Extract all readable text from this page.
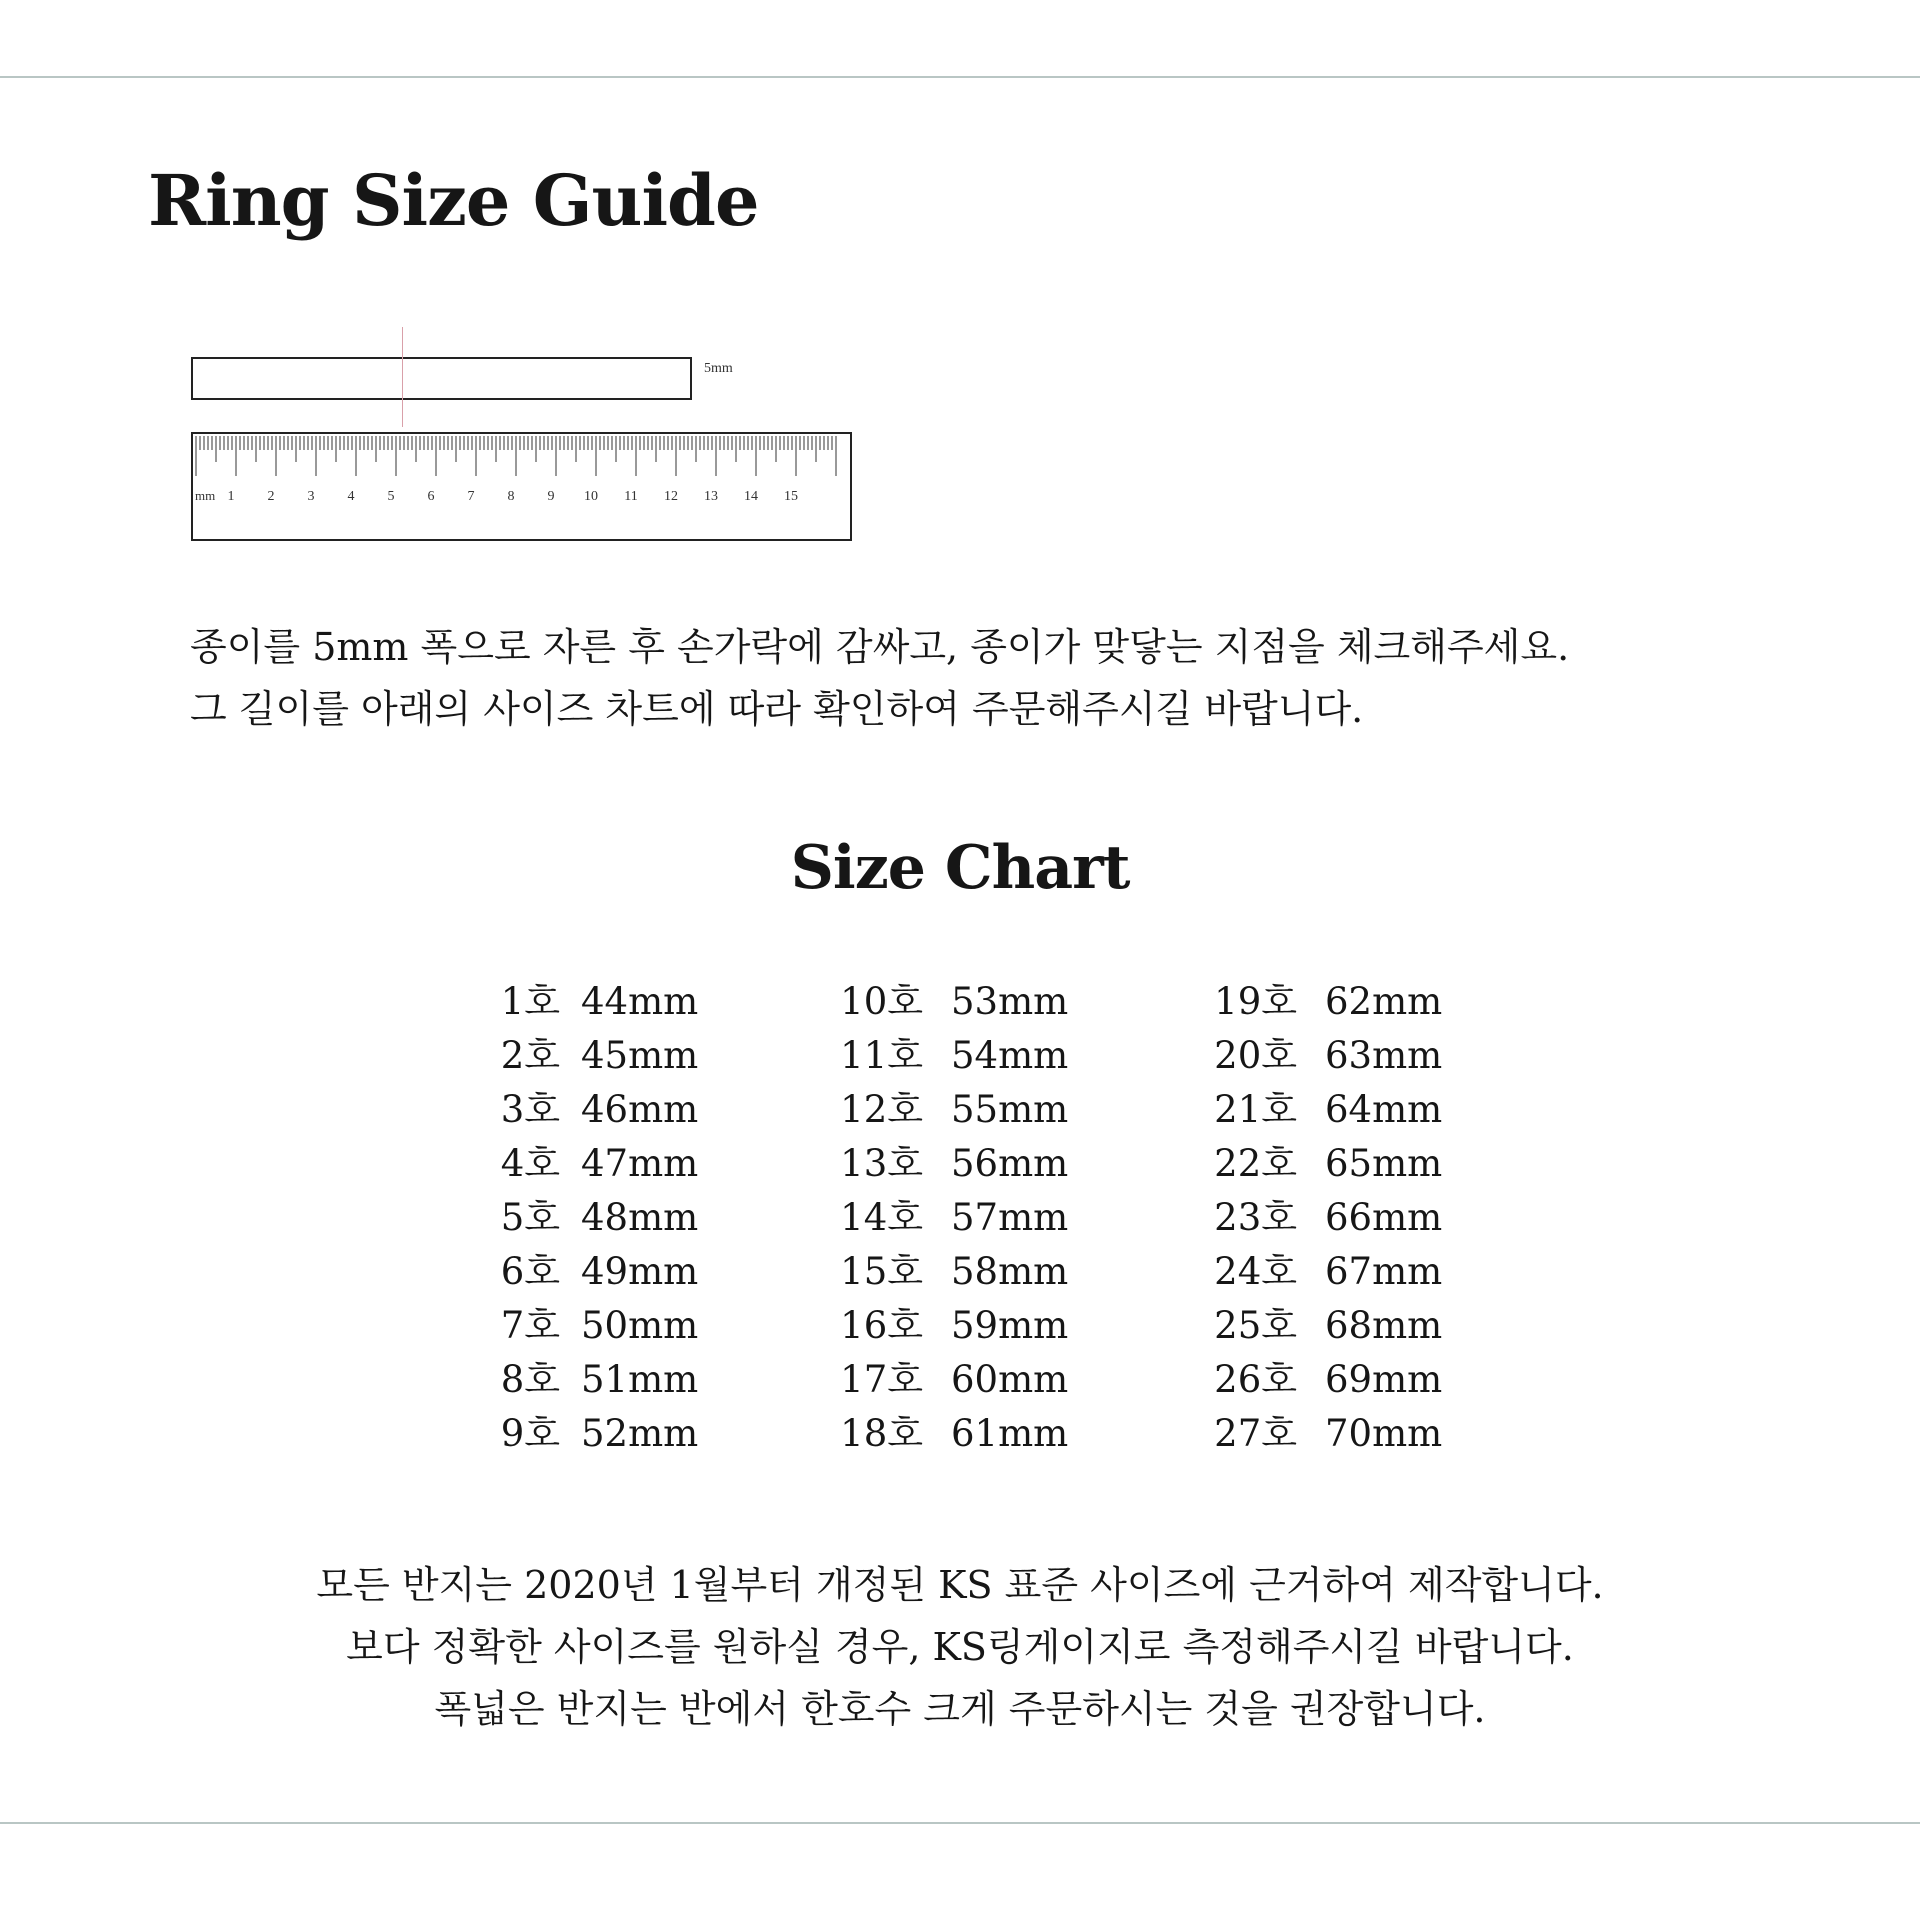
Ring Size Guide
5mm
mm 1 2 3 4 5 6 7 8 9 10 11 12 13 14 15

종이를 5mm 폭으로 자른 후 손가락에 감싸고, 종이가 맞닿는 지점을 체크해주세요.
그 길이를 아래의 사이즈 차트에 따라 확인하여 주문해주시길 바랍니다.

Size Chart
1호 44mm
2호 45mm
3호 46mm
4호 47mm
5호 48mm
6호 49mm
7호 50mm
8호 51mm
9호 52mm
10호 53mm
11호 54mm
12호 55mm
13호 56mm
14호 57mm
15호 58mm
16호 59mm
17호 60mm
18호 61mm
19호 62mm
20호 63mm
21호 64mm
22호 65mm
23호 66mm
24호 67mm
25호 68mm
26호 69mm
27호 70mm

모든 반지는 2020년 1월부터 개정된 KS 표준 사이즈에 근거하여 제작합니다.
보다 정확한 사이즈를 원하실 경우, KS링게이지로 측정해주시길 바랍니다.
폭넓은 반지는 반에서 한호수 크게 주문하시는 것을 권장합니다.
